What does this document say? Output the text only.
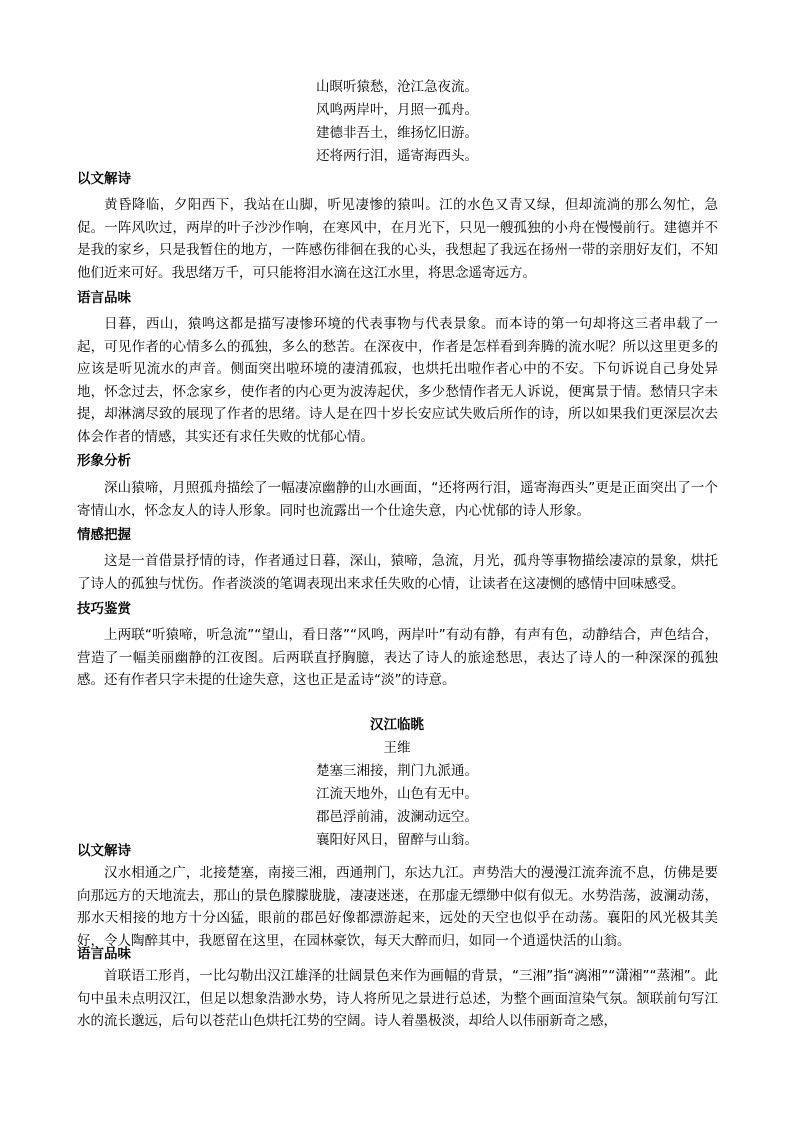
山暝听猿愁，沧江急夜流。
风鸣两岸叶，月照一孤舟。
建德非吾土，维扬忆旧游。
还将两行泪，遥寄海西头。
以文解诗
黄昏降临，夕阳西下，我站在山脚，听见凄惨的猿叫。江的水色又青又绿，但却流淌的那么匆忙，急促。一阵风吹过，两岸的叶子沙沙作响，在寒风中，在月光下，只见一艘孤独的小舟在慢慢前行。建德并不是我的家乡，只是我暂住的地方，一阵感伤徘徊在我的心头，我想起了我远在扬州一带的亲朋好友们，不知他们近来可好。我思绪万千，可只能将泪水滴在这江水里，将思念遥寄远方。
语言品味
日暮，西山，猿鸣这都是描写凄惨环境的代表事物与代表景象。而本诗的第一句却将这三者串载了一起，可见作者的心情多么的孤独，多么的愁苦。在深夜中，作者是怎样看到奔腾的流水呢？所以这里更多的应该是听见流水的声音。侧面突出啦环境的凄清孤寂，也烘托出啦作者心中的不安。下句诉说自己身处异地，怀念过去，怀念家乡，使作者的内心更为波涛起伏，多少愁情作者无人诉说，便寓景于情。愁情只字未提，却淋漓尽致的展现了作者的思绪。诗人是在四十岁长安应试失败后所作的诗，所以如果我们更深层次去体会作者的情感，其实还有求任失败的忧郁心情。
形象分析
深山猿啼，月照孤舟描绘了一幅凄凉幽静的山水画面，“还将两行泪，遥寄海西头”更是正面突出了一个寄情山水，怀念友人的诗人形象。同时也流露出一个仕途失意，内心忧郁的诗人形象。
情感把握
这是一首借景抒情的诗，作者通过日暮，深山，猿啼，急流，月光，孤舟等事物描绘凄凉的景象，烘托了诗人的孤独与忧伤。作者淡淡的笔调表现出来求任失败的心情，让读者在这凄恻的感情中回味感受。
技巧鉴赏
上两联“听猿啼，听急流”“望山，看日落”“风鸣，两岸叶”有动有静，有声有色，动静结合，声色结合，营造了一幅美丽幽静的江夜图。后两联直抒胸臆，表达了诗人的旅途愁思，表达了诗人的一种深深的孤独感。还有作者只字未提的仕途失意，这也正是孟诗“淡”的诗意。
汉江临眺
王维
楚塞三湘接，荆门九派通。
江流天地外，山色有无中。
郡邑浮前浦，波澜动远空。
襄阳好风日，留醉与山翁。
以文解诗
汉水相通之广，北接楚塞，南接三湘，西通荆门，东达九江。声势浩大的漫漫江流奔流不息，仿佛是要向那远方的天地流去，那山的景色朦朦胧胧，凄凄迷迷，在那虚无缥缈中似有似无。水势浩荡，波澜动荡，那水天相接的地方十分凶猛，眼前的郡邑好像都漂游起来，远处的天空也似乎在动荡。襄阳的风光极其美好，令人陶醉其中，我愿留在这里，在园林豪饮，每天大醉而归，如同一个逍遥快活的山翁。
语言品味
首联语工形肖，一比勾勒出汉江雄泽的壮阔景色来作为画幅的背景，“三湘”指“漓湘”“潇湘”“蒸湘”。此句中虽未点明汉江，但足以想象浩渺水势，诗人将所见之景进行总述，为整个画面渲染气氛。颔联前句写江水的流长邈远，后句以苍茫山色烘托江势的空阔。诗人着墨极淡，却给人以伟丽新奇之感，
